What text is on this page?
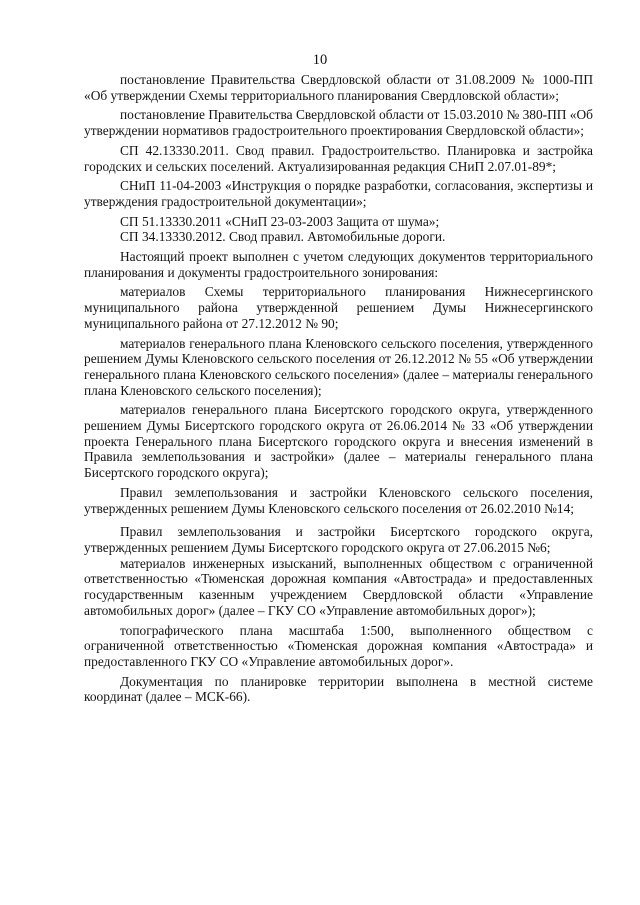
10

постановление Правительства Свердловской области от 31.08.2009 № 1000-ПП «Об утверждении Схемы территориального планирования Свердловской области»;

постановление Правительства Свердловской области от 15.03.2010 № 380-ПП «Об утверждении нормативов градостроительного проектирования Свердловской области»;

СП 42.13330.2011. Свод правил. Градостроительство. Планировка и застройка городских и сельских поселений. Актуализированная редакция СНиП 2.07.01-89*;

СНиП 11-04-2003 «Инструкция о порядке разработки, согласования, экспертизы и утверждения градостроительной документации»;

СП 51.13330.2011 «СНиП 23-03-2003 Защита от шума»;

СП 34.13330.2012. Свод правил. Автомобильные дороги.

Настоящий проект выполнен с учетом следующих документов территориального планирования и документы градостроительного зонирования:

материалов Схемы территориального планирования Нижнесергинского муниципального района утвержденной решением Думы Нижнесергинского муниципального района от 27.12.2012 № 90;

материалов генерального плана Кленовского сельского поселения, утвержденного решением Думы Кленовского сельского поселения от 26.12.2012 № 55 «Об утверждении генерального плана Кленовского сельского поселения» (далее – материалы генерального плана Кленовского сельского поселения);

материалов генерального плана Бисертского городского округа, утвержденного решением Думы Бисертского городского округа от 26.06.2014 № 33 «Об утверждении проекта Генерального плана Бисертского городского округа и внесения изменений в Правила землепользования и застройки» (далее – материалы генерального плана Бисертского городского округа);

Правил землепользования и застройки Кленовского сельского поселения, утвержденных решением Думы Кленовского сельского поселения от 26.02.2010 №14;

Правил землепользования и застройки Бисертского городского округа, утвержденных решением Думы Бисертского городского округа от 27.06.2015 №6;

материалов инженерных изысканий, выполненных обществом с ограниченной ответственностью «Тюменская дорожная компания «Автострада» и предоставленных государственным казенным учреждением Свердловской области «Управление автомобильных дорог» (далее – ГКУ СО «Управление автомобильных дорог»);

топографического плана масштаба 1:500, выполненного обществом с ограниченной ответственностью «Тюменская дорожная компания «Автострада» и предоставленного ГКУ СО «Управление автомобильных дорог».

Документация по планировке территории выполнена в местной системе координат (далее – МСК-66).
